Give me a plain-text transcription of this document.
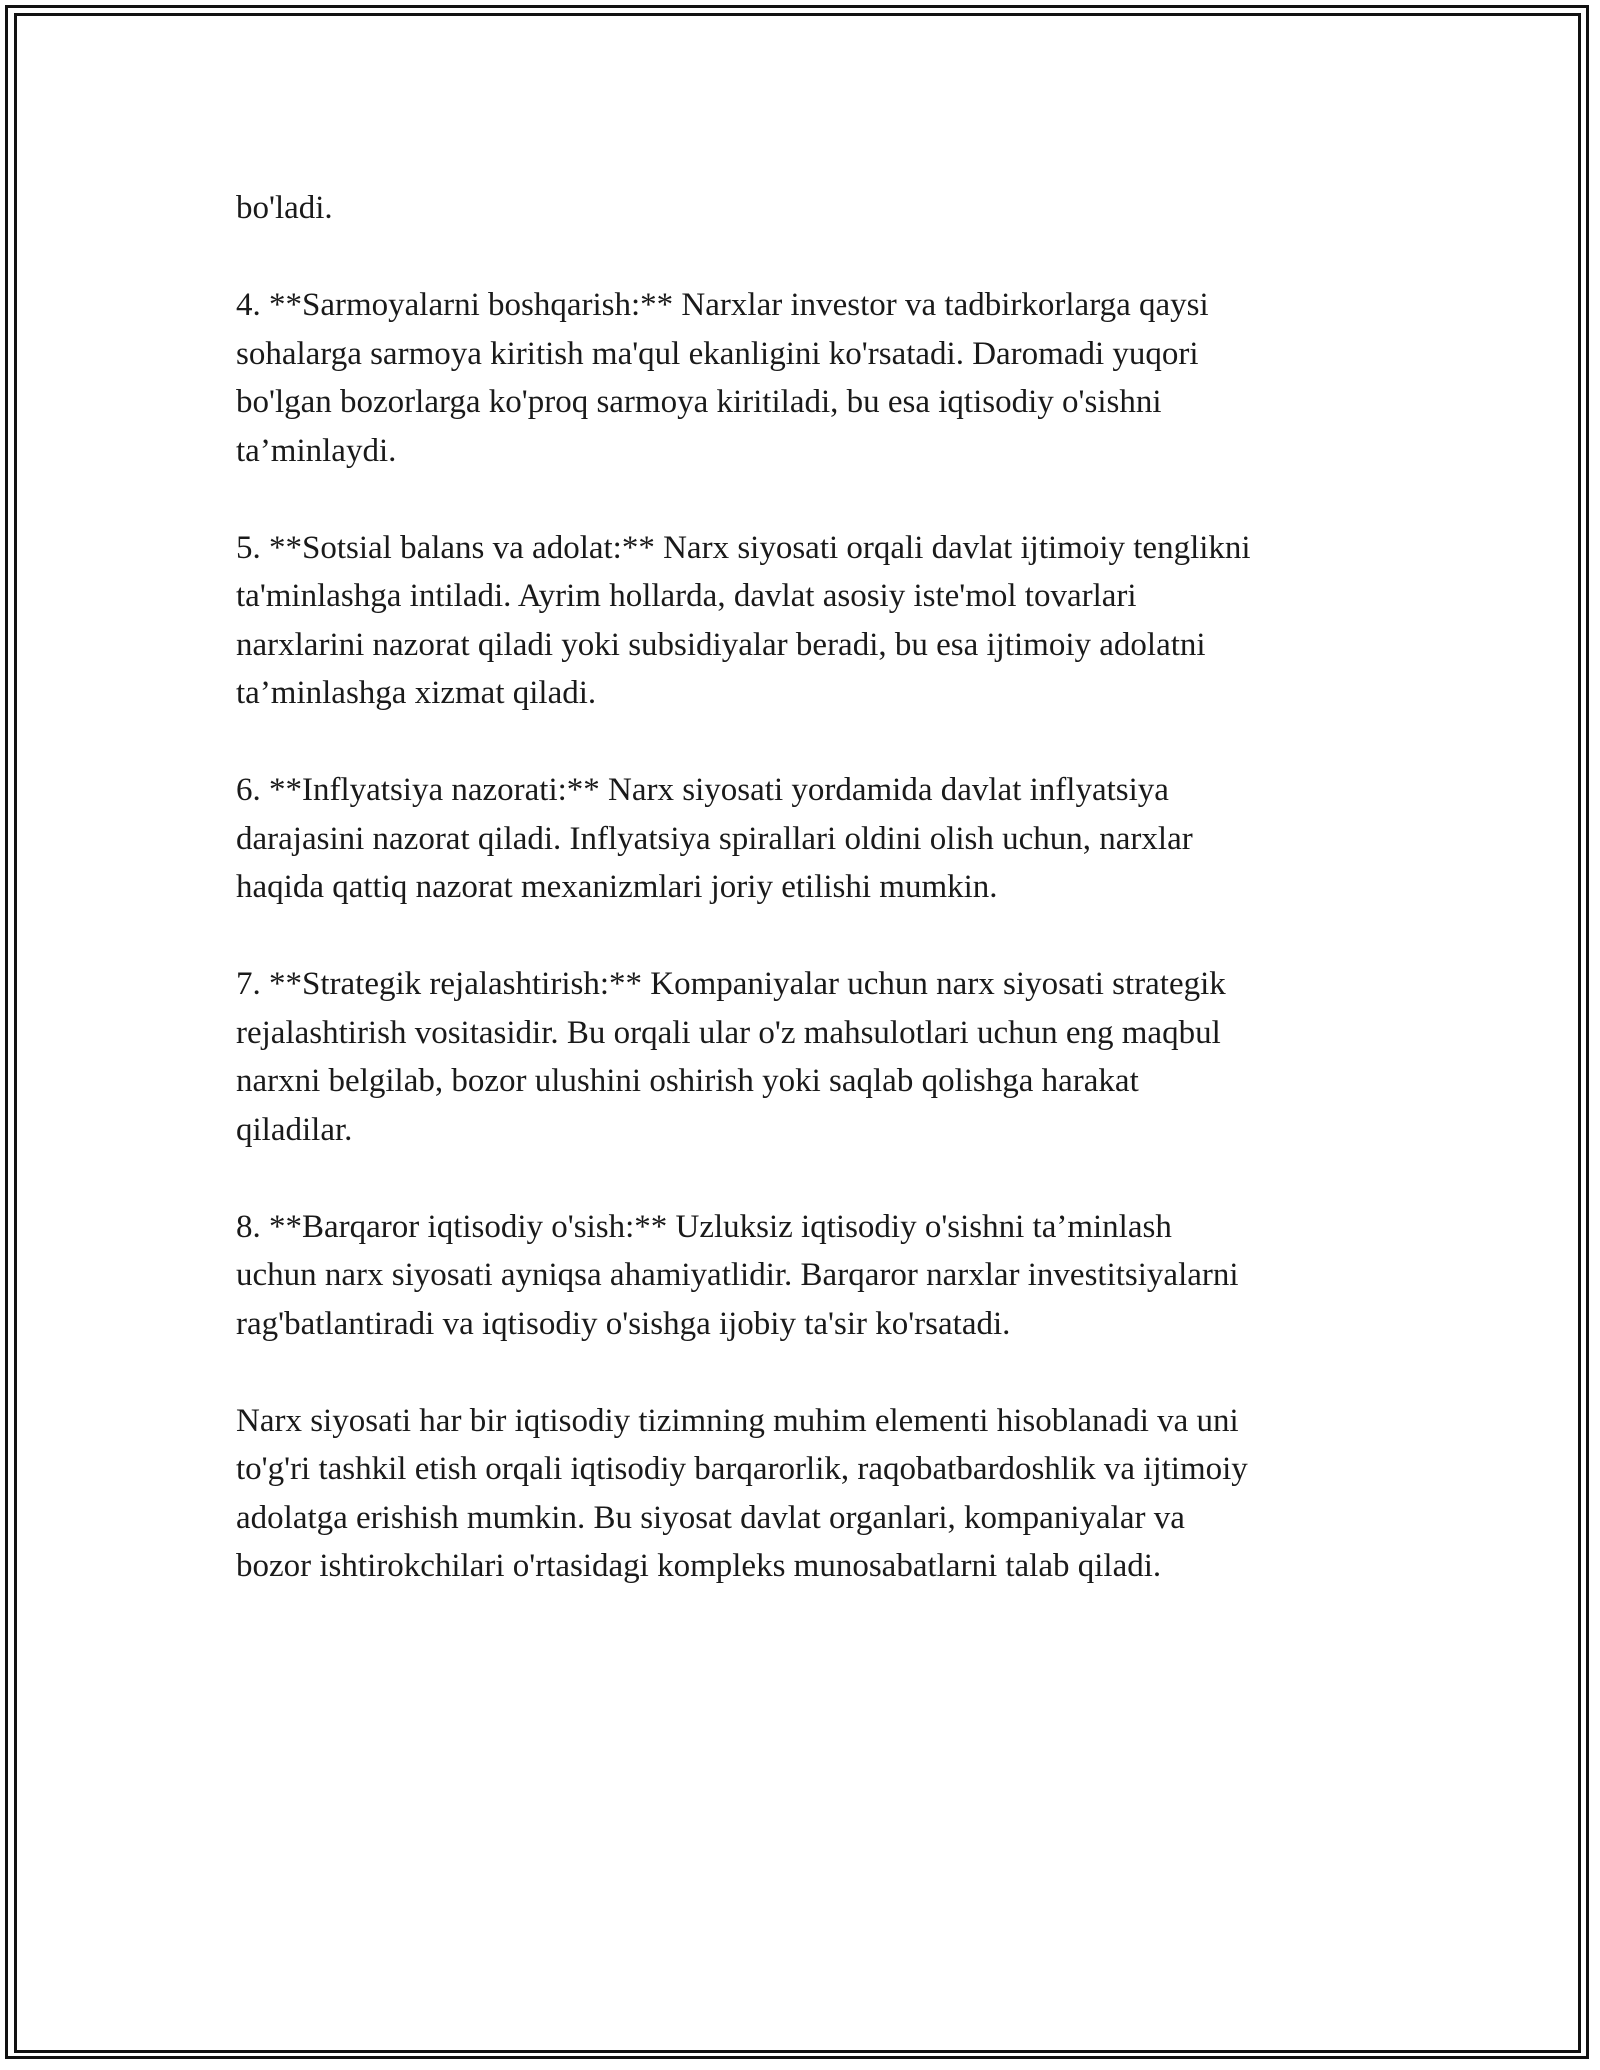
bo'ladi.

4. **Sarmoyalarni boshqarish:** Narxlar investor va tadbirkorlarga qaysi
sohalarga sarmoya kiritish ma'qul ekanligini ko'rsatadi. Daromadi yuqori
bo'lgan bozorlarga ko'proq sarmoya kiritiladi, bu esa iqtisodiy o'sishni
ta’minlaydi.

5. **Sotsial balans va adolat:** Narx siyosati orqali davlat ijtimoiy tenglikni
ta'minlashga intiladi. Ayrim hollarda, davlat asosiy iste'mol tovarlari
narxlarini nazorat qiladi yoki subsidiyalar beradi, bu esa ijtimoiy adolatni
ta’minlashga xizmat qiladi.

6. **Inflyatsiya nazorati:** Narx siyosati yordamida davlat inflyatsiya
darajasini nazorat qiladi. Inflyatsiya spirallari oldini olish uchun, narxlar
haqida qattiq nazorat mexanizmlari joriy etilishi mumkin.

7. **Strategik rejalashtirish:** Kompaniyalar uchun narx siyosati strategik
rejalashtirish vositasidir. Bu orqali ular o'z mahsulotlari uchun eng maqbul
narxni belgilab, bozor ulushini oshirish yoki saqlab qolishga harakat
qiladilar.

8. **Barqaror iqtisodiy o'sish:** Uzluksiz iqtisodiy o'sishni ta’minlash
uchun narx siyosati ayniqsa ahamiyatlidir. Barqaror narxlar investitsiyalarni
rag'batlantiradi va iqtisodiy o'sishga ijobiy ta'sir ko'rsatadi.

Narx siyosati har bir iqtisodiy tizimning muhim elementi hisoblanadi va uni
to'g'ri tashkil etish orqali iqtisodiy barqarorlik, raqobatbardoshlik va ijtimoiy
adolatga erishish mumkin. Bu siyosat davlat organlari, kompaniyalar va
bozor ishtirokchilari o'rtasidagi kompleks munosabatlarni talab qiladi.
